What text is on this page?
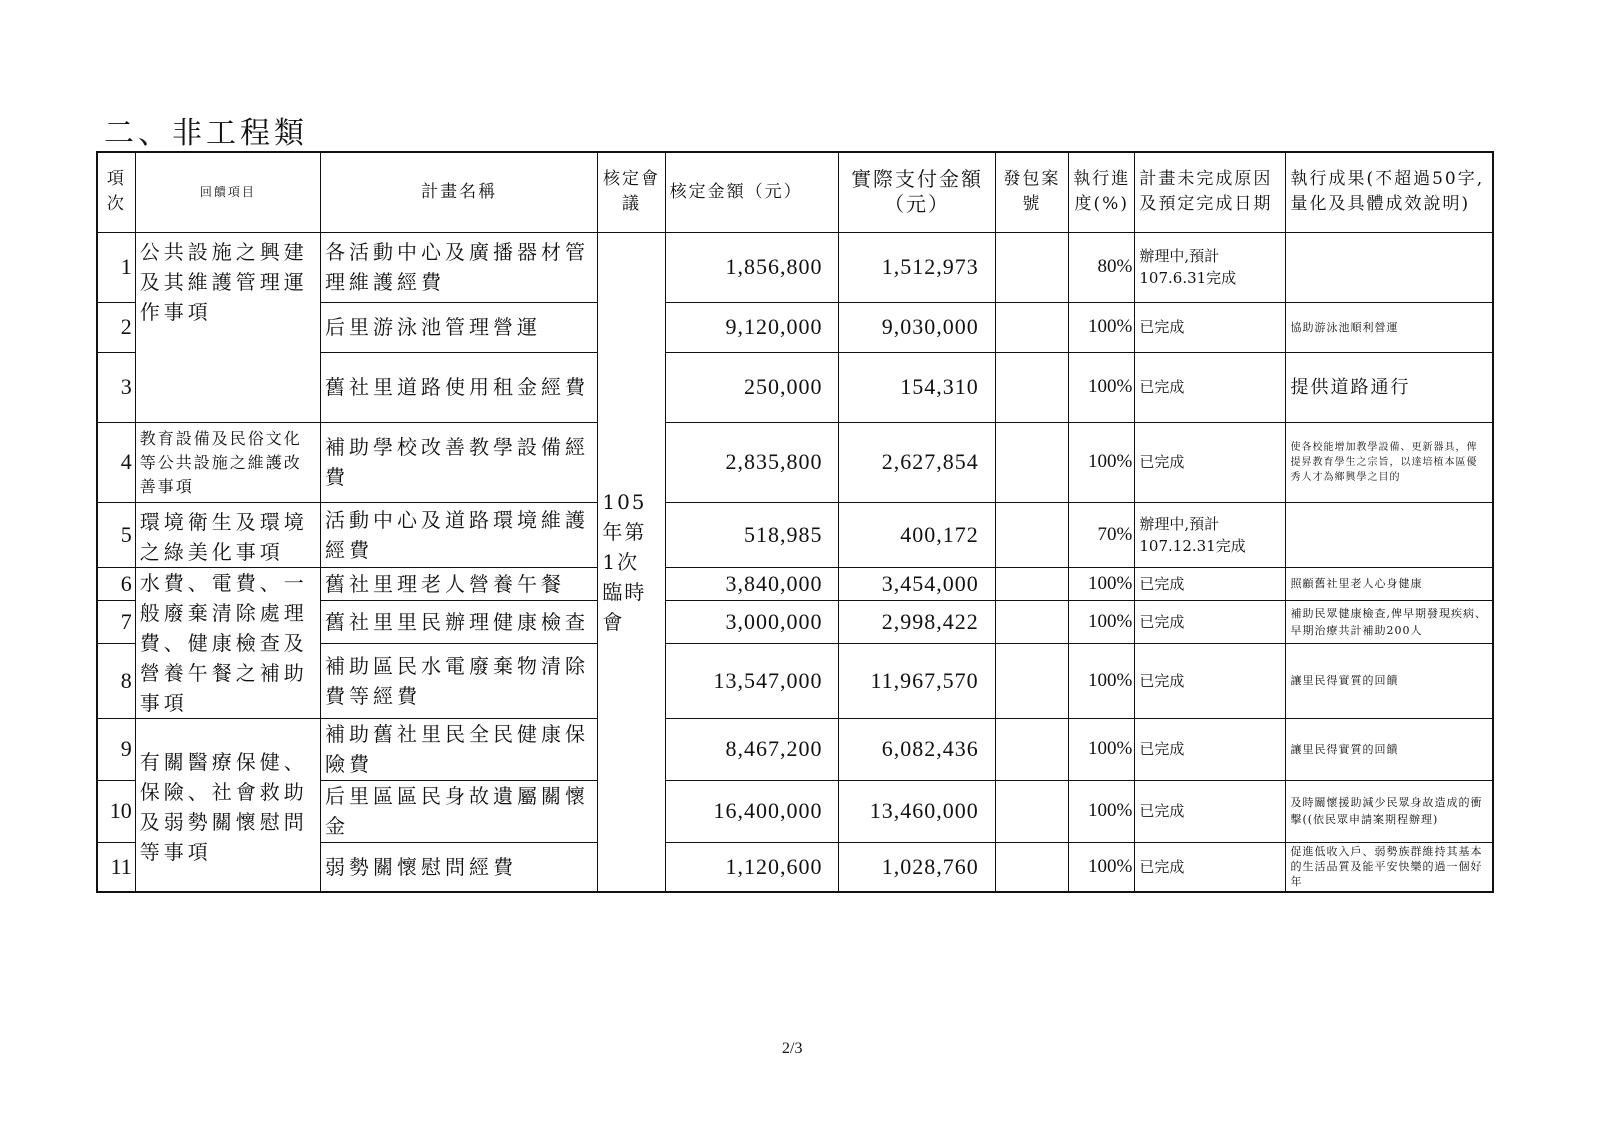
二、非工程類
項次	回饋項目	計畫名稱	核定會議	核定金額（元）	實際支付金額（元）	發包案號	執行進度(%)	計畫未完成原因及預定完成日期	執行成果(不超過50字,量化及具體成效說明)
1	公共設施之興建及其維護管理運作事項	各活動中心及廣播器材管理維護經費	105年第1次臨時會	1,856,800	1,512,973		80%	辦理中,預計107.6.31完成	
2		后里游泳池管理營運		9,120,000	9,030,000		100%	已完成	協助游泳池順利營運
3		舊社里道路使用租金經費		250,000	154,310		100%	已完成	提供道路通行
4	教育設備及民俗文化等公共設施之維護改善事項	補助學校改善教學設備經費		2,835,800	2,627,854		100%	已完成	使各校能增加教學設備、更新器具，俾提昇教育學生之宗旨，以達培植本區優秀人才為鄉興學之目的
5	環境衛生及環境之綠美化事項	活動中心及道路環境維護經費		518,985	400,172		70%	辦理中,預計107.12.31完成	
6	水費、電費、一般廢棄清除處理費、健康檢查及營養午餐之補助事項	舊社里理老人營養午餐		3,840,000	3,454,000		100%	已完成	照顧舊社里老人心身健康
7		舊社里里民辦理健康檢查		3,000,000	2,998,422		100%	已完成	補助民眾健康檢查,俾早期發現疾病、早期治療共計補助200人
8		補助區民水電廢棄物清除費等經費		13,547,000	11,967,570		100%	已完成	讓里民得實質的回饋
9	有關醫療保健、保險、社會救助及弱勢關懷慰問等事項	補助舊社里民全民健康保險費		8,467,200	6,082,436		100%	已完成	讓里民得實質的回饋
10		后里區區民身故遺屬關懷金		16,400,000	13,460,000		100%	已完成	及時關懷援助減少民眾身故造成的衝擊((依民眾申請案期程辦理)
11		弱勢關懷慰問經費		1,120,600	1,028,760		100%	已完成	促進低收入戶、弱勢族群維持其基本的生活品質及能平安快樂的過一個好年
2/3
